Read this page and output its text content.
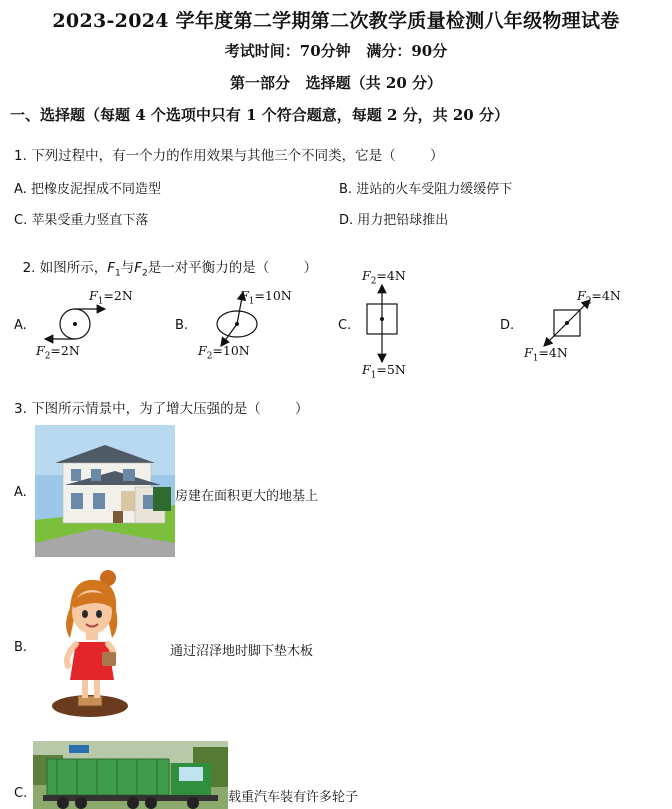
2023-2024 学年度第二学期第二次教学质量检测八年级物理试卷
考试时间：70分钟   满分：90分
第一部分   选择题（共 20 分）
一、选择题（每题 4 个选项中只有 1 个符合题意，每题 2 分，共 20 分）
1. 下列过程中，有一个力的作用效果与其他三个不同类，它是（        ）
A. 把橡皮泥捏成不同造型	B. 进站的火车受阻力缓缓停下
C. 苹果受重力竖直下落	D. 用力把铅球推出

2. 如图所示，$F_1$与$F_2$是一对平衡力的是（        ）

A.
$F_1=2N$
$F_2=2N$
B.
$F_1=10N$
$F_2=10N$
C.
$F_2=4N$
$F_1=5N$
D.
$F_2=4N$
$F_1=4N$
3. 下图所示情景中，为了增大压强的是（        ）
A.	房建在面积更大的地基上
B.	通过沼泽地时脚下垫木板
C.	载重汽车装有许多轮子
